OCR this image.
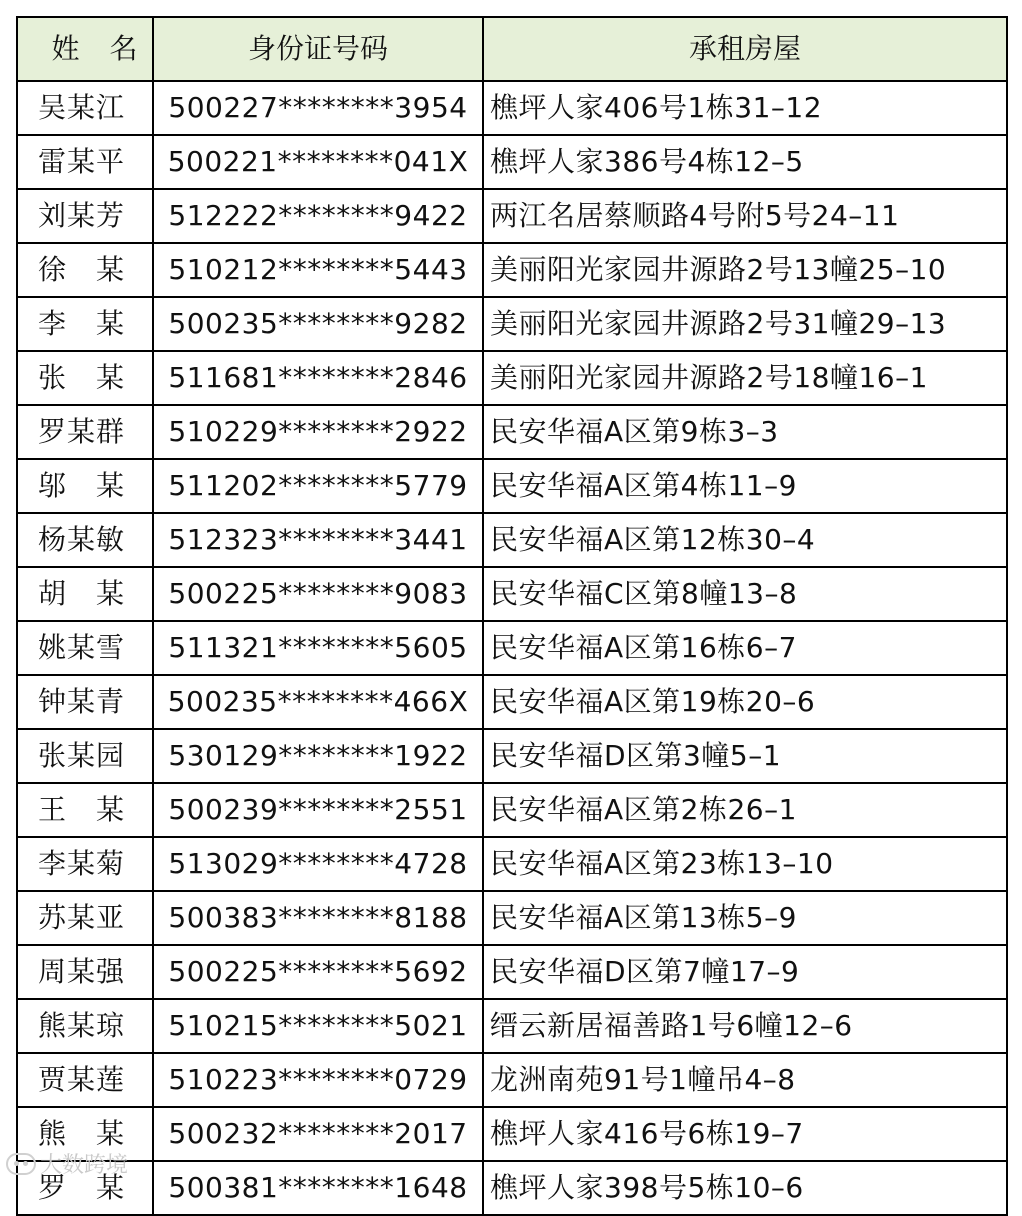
姓　名	身份证号码	承租房屋
吴某江	500227********3954	樵坪人家406号1栋31–12
雷某平	500221********041X	樵坪人家386号4栋12–5
刘某芳	512222********9422	两江名居蔡顺路4号附5号24–11
徐　某	510212********5443	美丽阳光家园井源路2号13幢25–10
李　某	500235********9282	美丽阳光家园井源路2号31幢29–13
张　某	511681********2846	美丽阳光家园井源路2号18幢16–1
罗某群	510229********2922	民安华福A区第9栋3–3
邬　某	511202********5779	民安华福A区第4栋11–9
杨某敏	512323********3441	民安华福A区第12栋30–4
胡　某	500225********9083	民安华福C区第8幢13–8
姚某雪	511321********5605	民安华福A区第16栋6–7
钟某青	500235********466X	民安华福A区第19栋20–6
张某园	530129********1922	民安华福D区第3幢5–1
王　某	500239********2551	民安华福A区第2栋26–1
李某菊	513029********4728	民安华福A区第23栋13–10
苏某亚	500383********8188	民安华福A区第13栋5–9
周某强	500225********5692	民安华福D区第7幢17–9
熊某琼	510215********5021	缙云新居福善路1号6幢12–6
贾某莲	510223********0729	龙洲南苑91号1幢吊4–8
熊　某	500232********2017	樵坪人家416号6栋19–7
罗　某	500381********1648	樵坪人家398号5栋10–6
大数跨境
